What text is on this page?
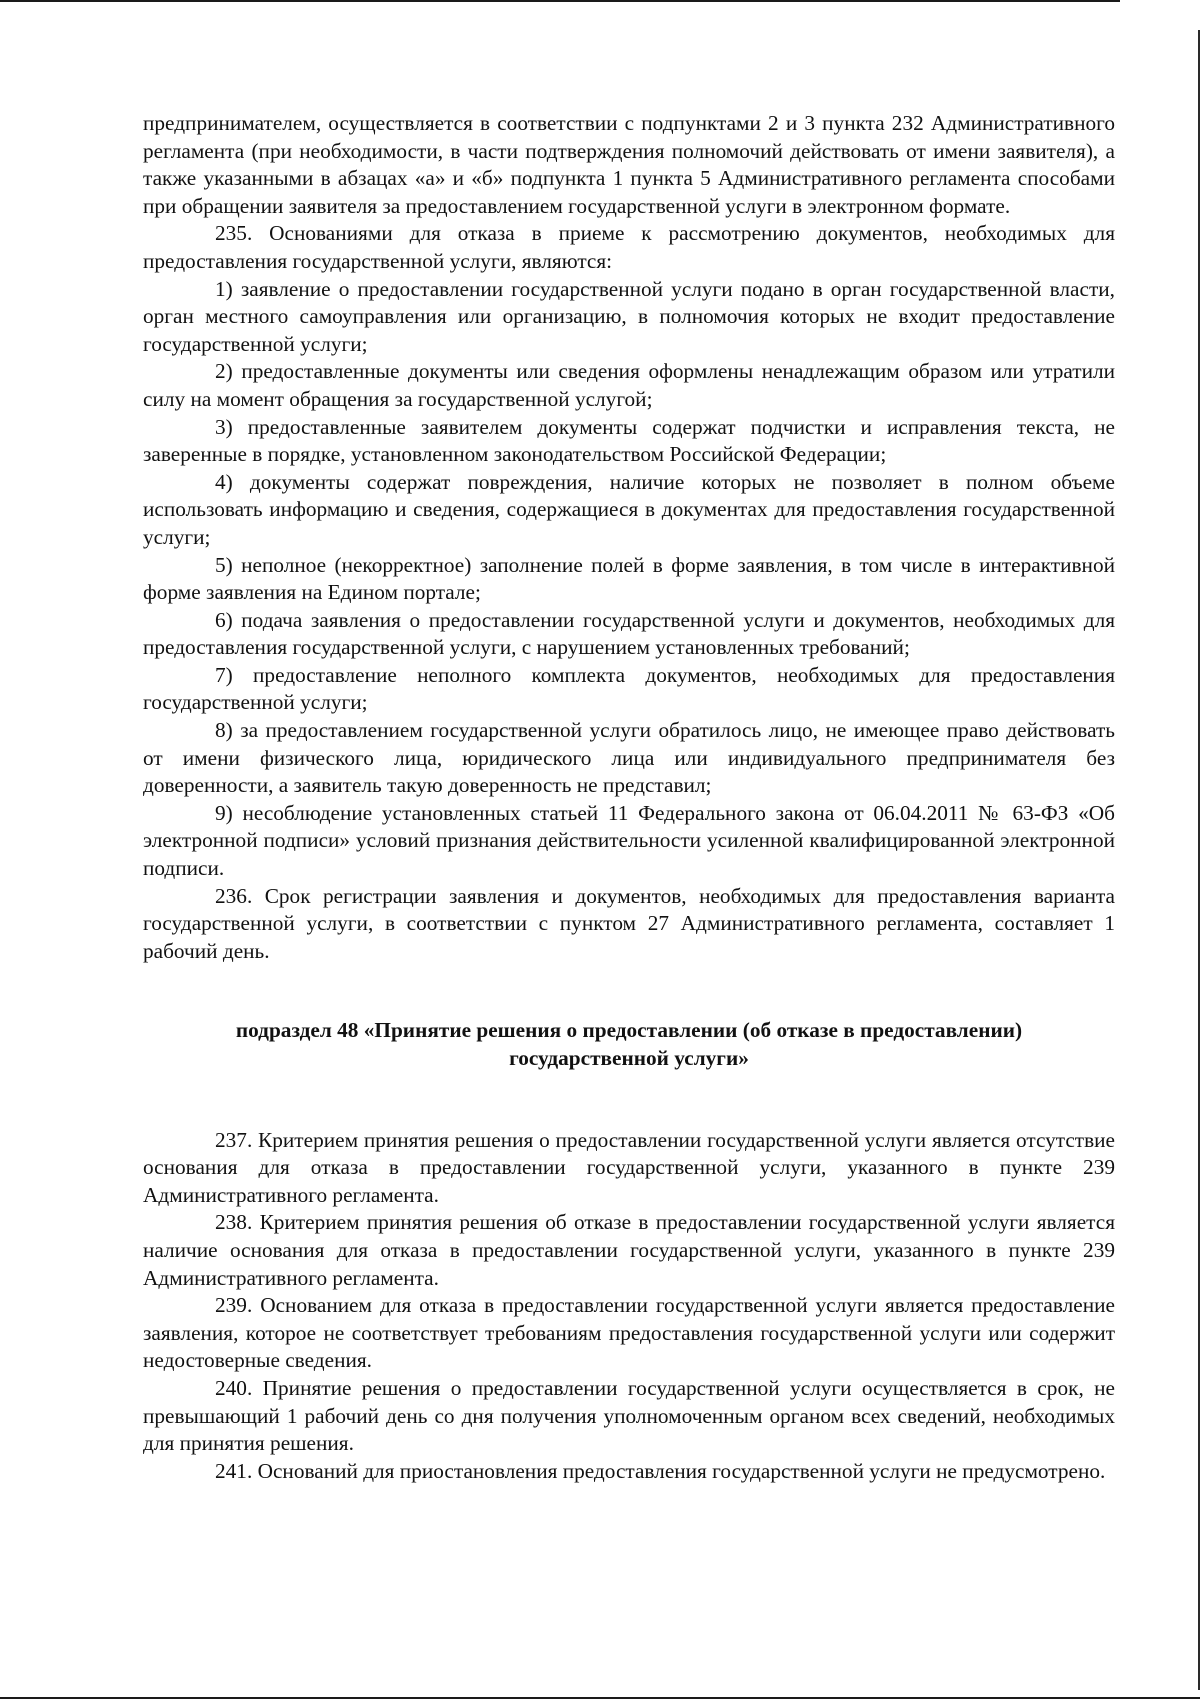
предпринимателем, осуществляется в соответствии с подпунктами 2 и 3 пункта 232 Административного регламента (при необходимости, в части подтверждения полномочий действовать от имени заявителя), а также указанными в абзацах «а» и «б» подпункта 1 пункта 5 Административного регламента способами при обращении заявителя за предоставлением государственной услуги в электронном формате.

235. Основаниями для отказа в приеме к рассмотрению документов, необходимых для предоставления государственной услуги, являются:

1) заявление о предоставлении государственной услуги подано в орган государственной власти, орган местного самоуправления или организацию, в полномочия которых не входит предоставление государственной услуги;

2) предоставленные документы или сведения оформлены ненадлежащим образом или утратили силу на момент обращения за государственной услугой;

3) предоставленные заявителем документы содержат подчистки и исправления текста, не заверенные в порядке, установленном законодательством Российской Федерации;

4) документы содержат повреждения, наличие которых не позволяет в полном объеме использовать информацию и сведения, содержащиеся в документах для предоставления государственной услуги;

5) неполное (некорректное) заполнение полей в форме заявления, в том числе в интерактивной форме заявления на Едином портале;

6) подача заявления о предоставлении государственной услуги и документов, необходимых для предоставления государственной услуги, с нарушением установленных требований;

7) предоставление неполного комплекта документов, необходимых для предоставления государственной услуги;

8) за предоставлением государственной услуги обратилось лицо, не имеющее право действовать от имени физического лица, юридического лица или индивидуального предпринимателя без доверенности, а заявитель такую доверенность не представил;

9) несоблюдение установленных статьей 11 Федерального закона от 06.04.2011 № 63-ФЗ «Об электронной подписи» условий признания действительности усиленной квалифицированной электронной подписи.

236. Срок регистрации заявления и документов, необходимых для предоставления варианта государственной услуги, в соответствии с пунктом 27 Административного регламента, составляет 1 рабочий день.

подраздел 48 «Принятие решения о предоставлении (об отказе в предоставлении)
государственной услуги»

237. Критерием принятия решения о предоставлении государственной услуги является отсутствие основания для отказа в предоставлении государственной услуги, указанного в пункте 239 Административного регламента.

238. Критерием принятия решения об отказе в предоставлении государственной услуги является наличие основания для отказа в предоставлении государственной услуги, указанного в пункте 239 Административного регламента.

239. Основанием для отказа в предоставлении государственной услуги является предоставление заявления, которое не соответствует требованиям предоставления государственной услуги или содержит недостоверные сведения.

240. Принятие решения о предоставлении государственной услуги осуществляется в срок, не превышающий 1 рабочий день со дня получения уполномоченным органом всех сведений, необходимых для принятия решения.

241. Оснований для приостановления предоставления государственной услуги не предусмотрено.
